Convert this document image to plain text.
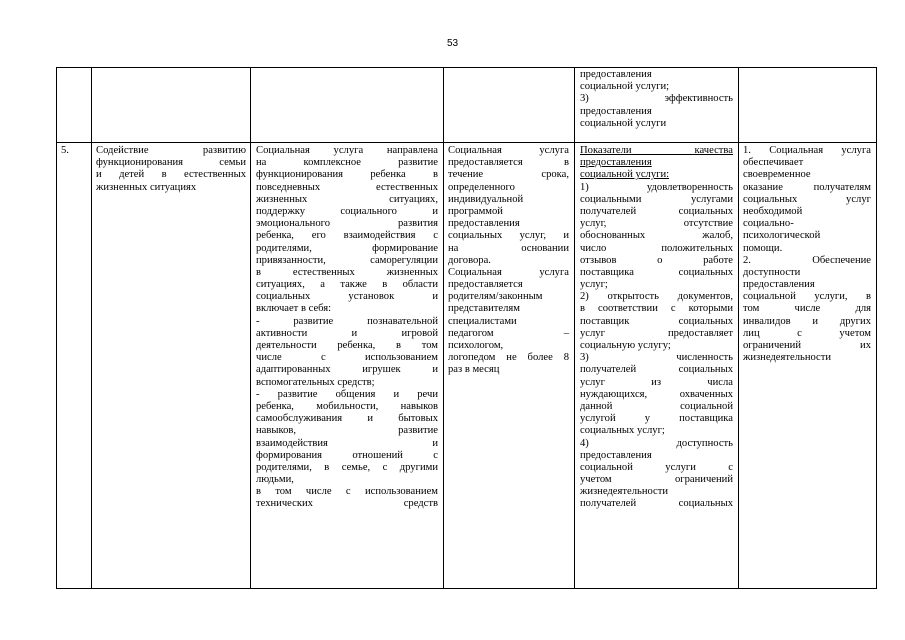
53
предоставления
социальной услуги;
3) эффективность
предоставления
социальной услуги
5.	Содействие развитию
функционирования семьи
и детей в естественных
жизненных ситуациях
Социальная услуга направлена
на комплексное развитие
функционирования ребенка в
повседневных естественных
жизненных ситуациях,
поддержку социального и
эмоционального развития
ребенка, его взаимодействия с
родителями, формирование
привязанности, саморегуляции
в естественных жизненных
ситуациях, а также в области
социальных установок и
включает в себя:
- развитие познавательной
активности и игровой
деятельности ребенка, в том
числе с использованием
адаптированных игрушек и
вспомогательных средств;
- развитие общения и речи
ребенка, мобильности, навыков
самообслуживания и бытовых
навыков, развитие
взаимодействия и
формирования отношений с
родителями, в семье, с другими
людьми,
в том числе с использованием
технических средств
Социальная услуга
предоставляется в
течение срока,
определенного
индивидуальной
программой
предоставления
социальных услуг, и
на основании
договора.
Социальная услуга
предоставляется
родителям/законным
представителям
специалистами
педагогом –
психологом,
логопедом не более 8
раз в месяц
Показатели качества
предоставления
социальной услуги:
1) удовлетворенность
социальными услугами
получателей социальных
услуг, отсутствие
обоснованных жалоб,
число положительных
отзывов о работе
поставщика социальных
услуг;
2) открытость документов,
в соответствии с которыми
поставщик социальных
услуг предоставляет
социальную услугу;
3) численность
получателей социальных
услуг из числа
нуждающихся, охваченных
данной социальной
услугой у поставщика
социальных услуг;
4) доступность
предоставления
социальной услуги с
учетом ограничений
жизнедеятельности
получателей социальных
1. Социальная услуга
обеспечивает
своевременное
оказание получателям
социальных услуг
необходимой
социально-
психологической
помощи.
2. Обеспечение
доступности
предоставления
социальной услуги, в
том числе для
инвалидов и других
лиц с учетом
ограничений их
жизнедеятельности
